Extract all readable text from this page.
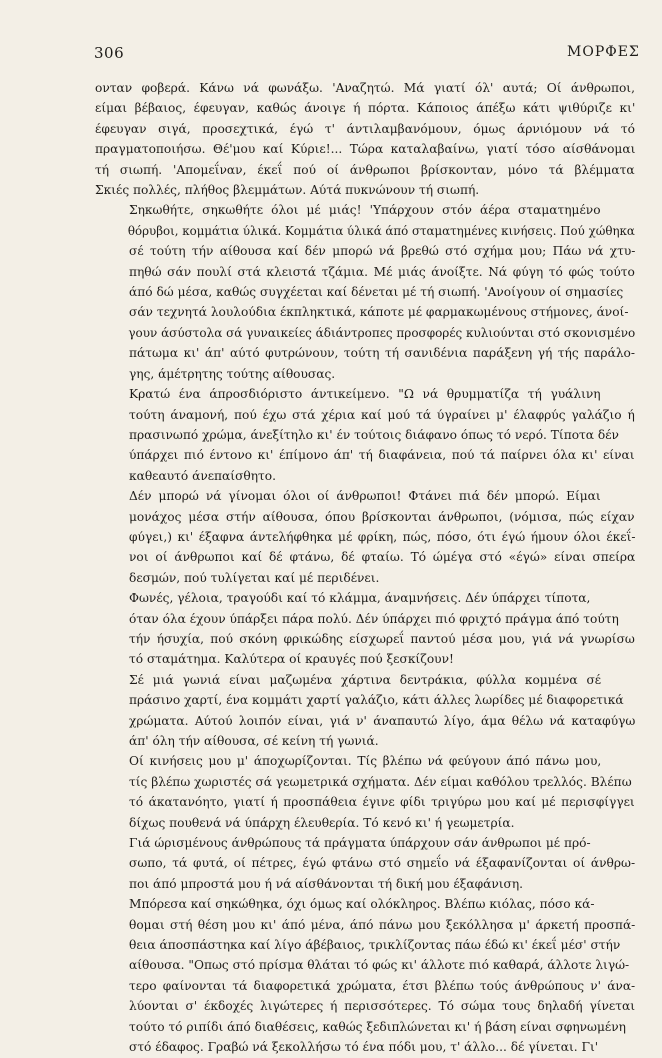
306	ΜΟΡΦΕΣ
ονταν φοβερά. Κάνω νά φωνάξω. 'Αναζητώ. Μά γιατί όλ' αυτά; Οί άνθρωποι,
είμαι βέβαιος, έφευγαν, καθώς άνοιγε ή πόρτα. Κάποιος άπέξω κάτι ψιθύριζε κι'
έφευγαν σιγά, προσεχτικά, έγώ τ' άντιλαμβανόμουν, όμως άρνιόμουν νά τό
πραγματοποιήσω. Θέ'μου καί Κύριε!... Τώρα καταλαβαίνω, γιατί τόσο αίσθάνομαι
τή σιωπή. 'Απομεΐναν, έκεΐ πού οί άνθρωποι βρίσκονταν, μόνο τά βλέμματα
Σκιές πολλές, πλήθος βλεμμάτων. Αύτά πυκνώνουν τή σιωπή.
Σηκωθήτε, σηκωθήτε όλοι μέ μιάς! 'Υπάρχουν στόν άέρα σταματημένο
θόρυβοι, κομμάτια ύλικά. Κομμάτια ύλικά άπό σταματημένες κινήσεις. Πού χώθηκα
σέ τούτη τήν αίθουσα καί δέν μπορώ νά βρεθώ στό σχήμα μου; Πάω νά χτυ-
πηθώ σάν πουλί στά κλειστά τζάμια. Μέ μιάς άνοίξτε. Νά φύγη τό φώς τούτο
άπό δώ μέσα, καθώς συγχέεται καί δένεται μέ τή σιωπή. 'Ανοίγουν οί σημασίες
σάν τεχνητά λουλούδια έκπληκτικά, κάποτε μέ φαρμακωμένους στήμονες, άνοί-
γουν άσύστολα σά γυναικείες άδιάντροπες προσφορές κυλιούνται στό σκονισμένο
πάτωμα κι' άπ' αύτό φυτρώνουν, τούτη τή σανιδένια παράξενη γή τής παράλο-
γης, άμέτρητης τούτης αίθουσας.
Κρατώ ένα άπροσδιόριστο άντικείμενο. "Ω νά θρυμματίζα τή γυάλινη
τούτη άναμονή, πού έχω στά χέρια καί μού τά ύγραίνει μ' έλαφρύς γαλάζιο ή
πρασινωπό χρώμα, άνεξίτηλο κι' έν τούτοις διάφανο όπως τό νερό. Τίποτα δέν
ύπάρχει πιό έντονο κι' έπίμονο άπ' τή διαφάνεια, πού τά παίρνει όλα κι' είναι
καθεαυτό άνεπαίσθητο.
Δέν μπορώ νά γίνομαι όλοι οί άνθρωποι! Φτάνει πιά δέν μπορώ. Είμαι
μονάχος μέσα στήν αίθουσα, όπου βρίσκονται άνθρωποι, (νόμισα, πώς είχαν
φύγει,) κι' έξαφνα άντελήφθηκα μέ φρίκη, πώς, πόσο, ότι έγώ ήμουν όλοι έκεΐ-
νοι οί άνθρωποι καί δέ φτάνω, δέ φταίω. Τό ώμέγα στό «έγώ» είναι σπείρα
δεσμών, πού τυλίγεται καί μέ περιδένει.
Φωνές, γέλοια, τραγούδι καί τό κλάμμα, άναμνήσεις. Δέν ύπάρχει τίποτα,
όταν όλα έχουν ύπάρξει πάρα πολύ. Δέν ύπάρχει πιό φριχτό πράγμα άπό τούτη
τήν ήσυχία, πού σκόνη φρικώδης είσχωρεΐ παντού μέσα μου, γιά νά γνωρίσω
τό σταμάτημα. Καλύτερα οί κραυγές πού ξεσκίζουν!
Σέ μιά γωνιά είναι μαζωμένα χάρτινα δεντράκια, φύλλα κομμένα σέ
πράσινο χαρτί, ένα κομμάτι χαρτί γαλάζιο, κάτι άλλες λωρίδες μέ διαφορετικά
χρώματα. Αύτού λοιπόν είναι, γιά ν' άναπαυτώ λίγο, άμα θέλω νά καταφύγω
άπ' όλη τήν αίθουσα, σέ κείνη τή γωνιά.
Οί κινήσεις μου μ' άποχωρίζονται. Τίς βλέπω νά φεύγουν άπό πάνω μου,
τίς βλέπω χωριστές σά γεωμετρικά σχήματα. Δέν είμαι καθόλου τρελλός. Βλέπω
τό άκατανόητο, γιατί ή προσπάθεια έγινε φίδι τριγύρω μου καί μέ περισφίγγει
δίχως πουθενά νά ύπάρχη έλευθερία. Τό κενό κι' ή γεωμετρία.
Γιά ώρισμένους άνθρώπους τά πράγματα ύπάρχουν σάν άνθρωποι μέ πρό-
σωπο, τά φυτά, οί πέτρες, έγώ φτάνω στό σημεΐο νά έξαφανίζονται οί άνθρω-
ποι άπό μπροστά μου ή νά αίσθάνονται τή δική μου έξαφάνιση.
Μπόρεσα καί σηκώθηκα, όχι όμως καί ολόκληρος. Βλέπω κιόλας, πόσο κά-
θομαι στή θέση μου κι' άπό μένα, άπό πάνω μου ξεκόλλησα μ' άρκετή προσπά-
θεια άποσπάστηκα καί λίγο άβέβαιος, τρικλίζοντας πάω έδώ κι' έκεΐ μέσ' στήν
αίθουσα. "Οπως στό πρίσμα θλάται τό φώς κι' άλλοτε πιό καθαρά, άλλοτε λιγώ-
τερο φαίνονται τά διαφορετικά χρώματα, έτσι βλέπω τούς άνθρώπους ν' άνα-
λύονται σ' έκδοχές λιγώτερες ή περισσότερες. Τό σώμα τους δηλαδή γίνεται
τούτο τό ριπίδι άπό διαθέσεις, καθώς ξεδιπλώνεται κι' ή βάση είναι σφηνωμένη
στό έδαφος. Γραβώ νά ξεκολλήσω τό ένα πόδι μου, τ' άλλο... δέ γίνεται. Γι'
